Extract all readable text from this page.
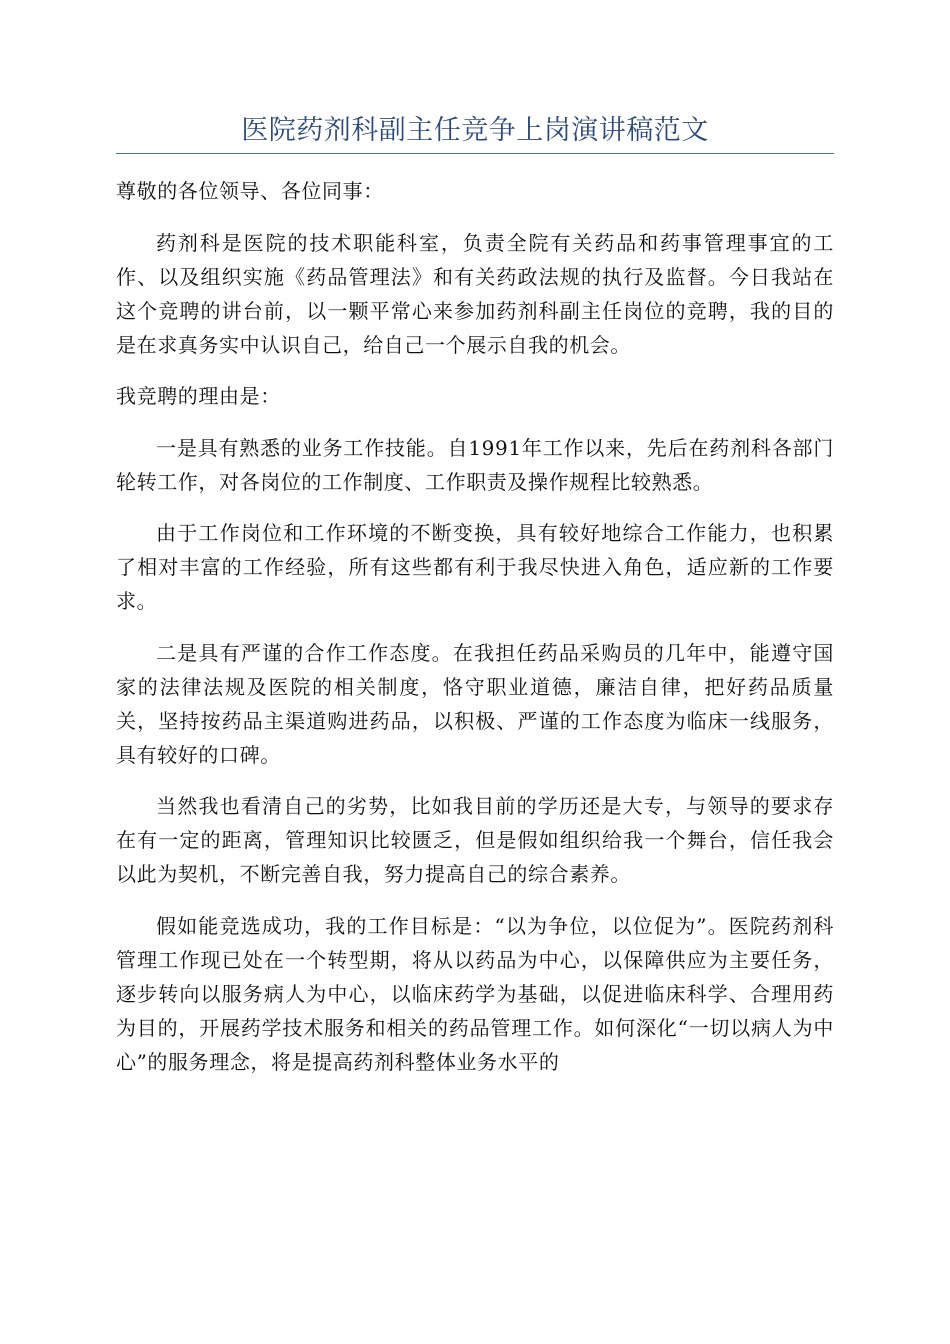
医院药剂科副主任竞争上岗演讲稿范文

尊敬的各位领导、各位同事：

药剂科是医院的技术职能科室，负责全院有关药品和药事管理事宜的工作、以及组织实施《药品管理法》和有关药政法规的执行及监督。今日我站在这个竞聘的讲台前，以一颗平常心来参加药剂科副主任岗位的竞聘，我的目的是在求真务实中认识自己，给自己一个展示自我的机会。

我竞聘的理由是：

一是具有熟悉的业务工作技能。自1991年工作以来，先后在药剂科各部门轮转工作，对各岗位的工作制度、工作职责及操作规程比较熟悉。

由于工作岗位和工作环境的不断变换，具有较好地综合工作能力，也积累了相对丰富的工作经验，所有这些都有利于我尽快进入角色，适应新的工作要求。

二是具有严谨的合作工作态度。在我担任药品采购员的几年中，能遵守国家的法律法规及医院的相关制度，恪守职业道德，廉洁自律，把好药品质量关，坚持按药品主渠道购进药品，以积极、严谨的工作态度为临床一线服务，具有较好的口碑。

当然我也看清自己的劣势，比如我目前的学历还是大专，与领导的要求存在有一定的距离，管理知识比较匮乏，但是假如组织给我一个舞台，信任我会以此为契机，不断完善自我，努力提高自己的综合素养。

假如能竞选成功，我的工作目标是：“以为争位，以位促为”。医院药剂科管理工作现已处在一个转型期，将从以药品为中心，以保障供应为主要任务，逐步转向以服务病人为中心，以临床药学为基础，以促进临床科学、合理用药为目的，开展药学技术服务和相关的药品管理工作。如何深化“一切以病人为中心”的服务理念，将是提高药剂科整体业务水平的
